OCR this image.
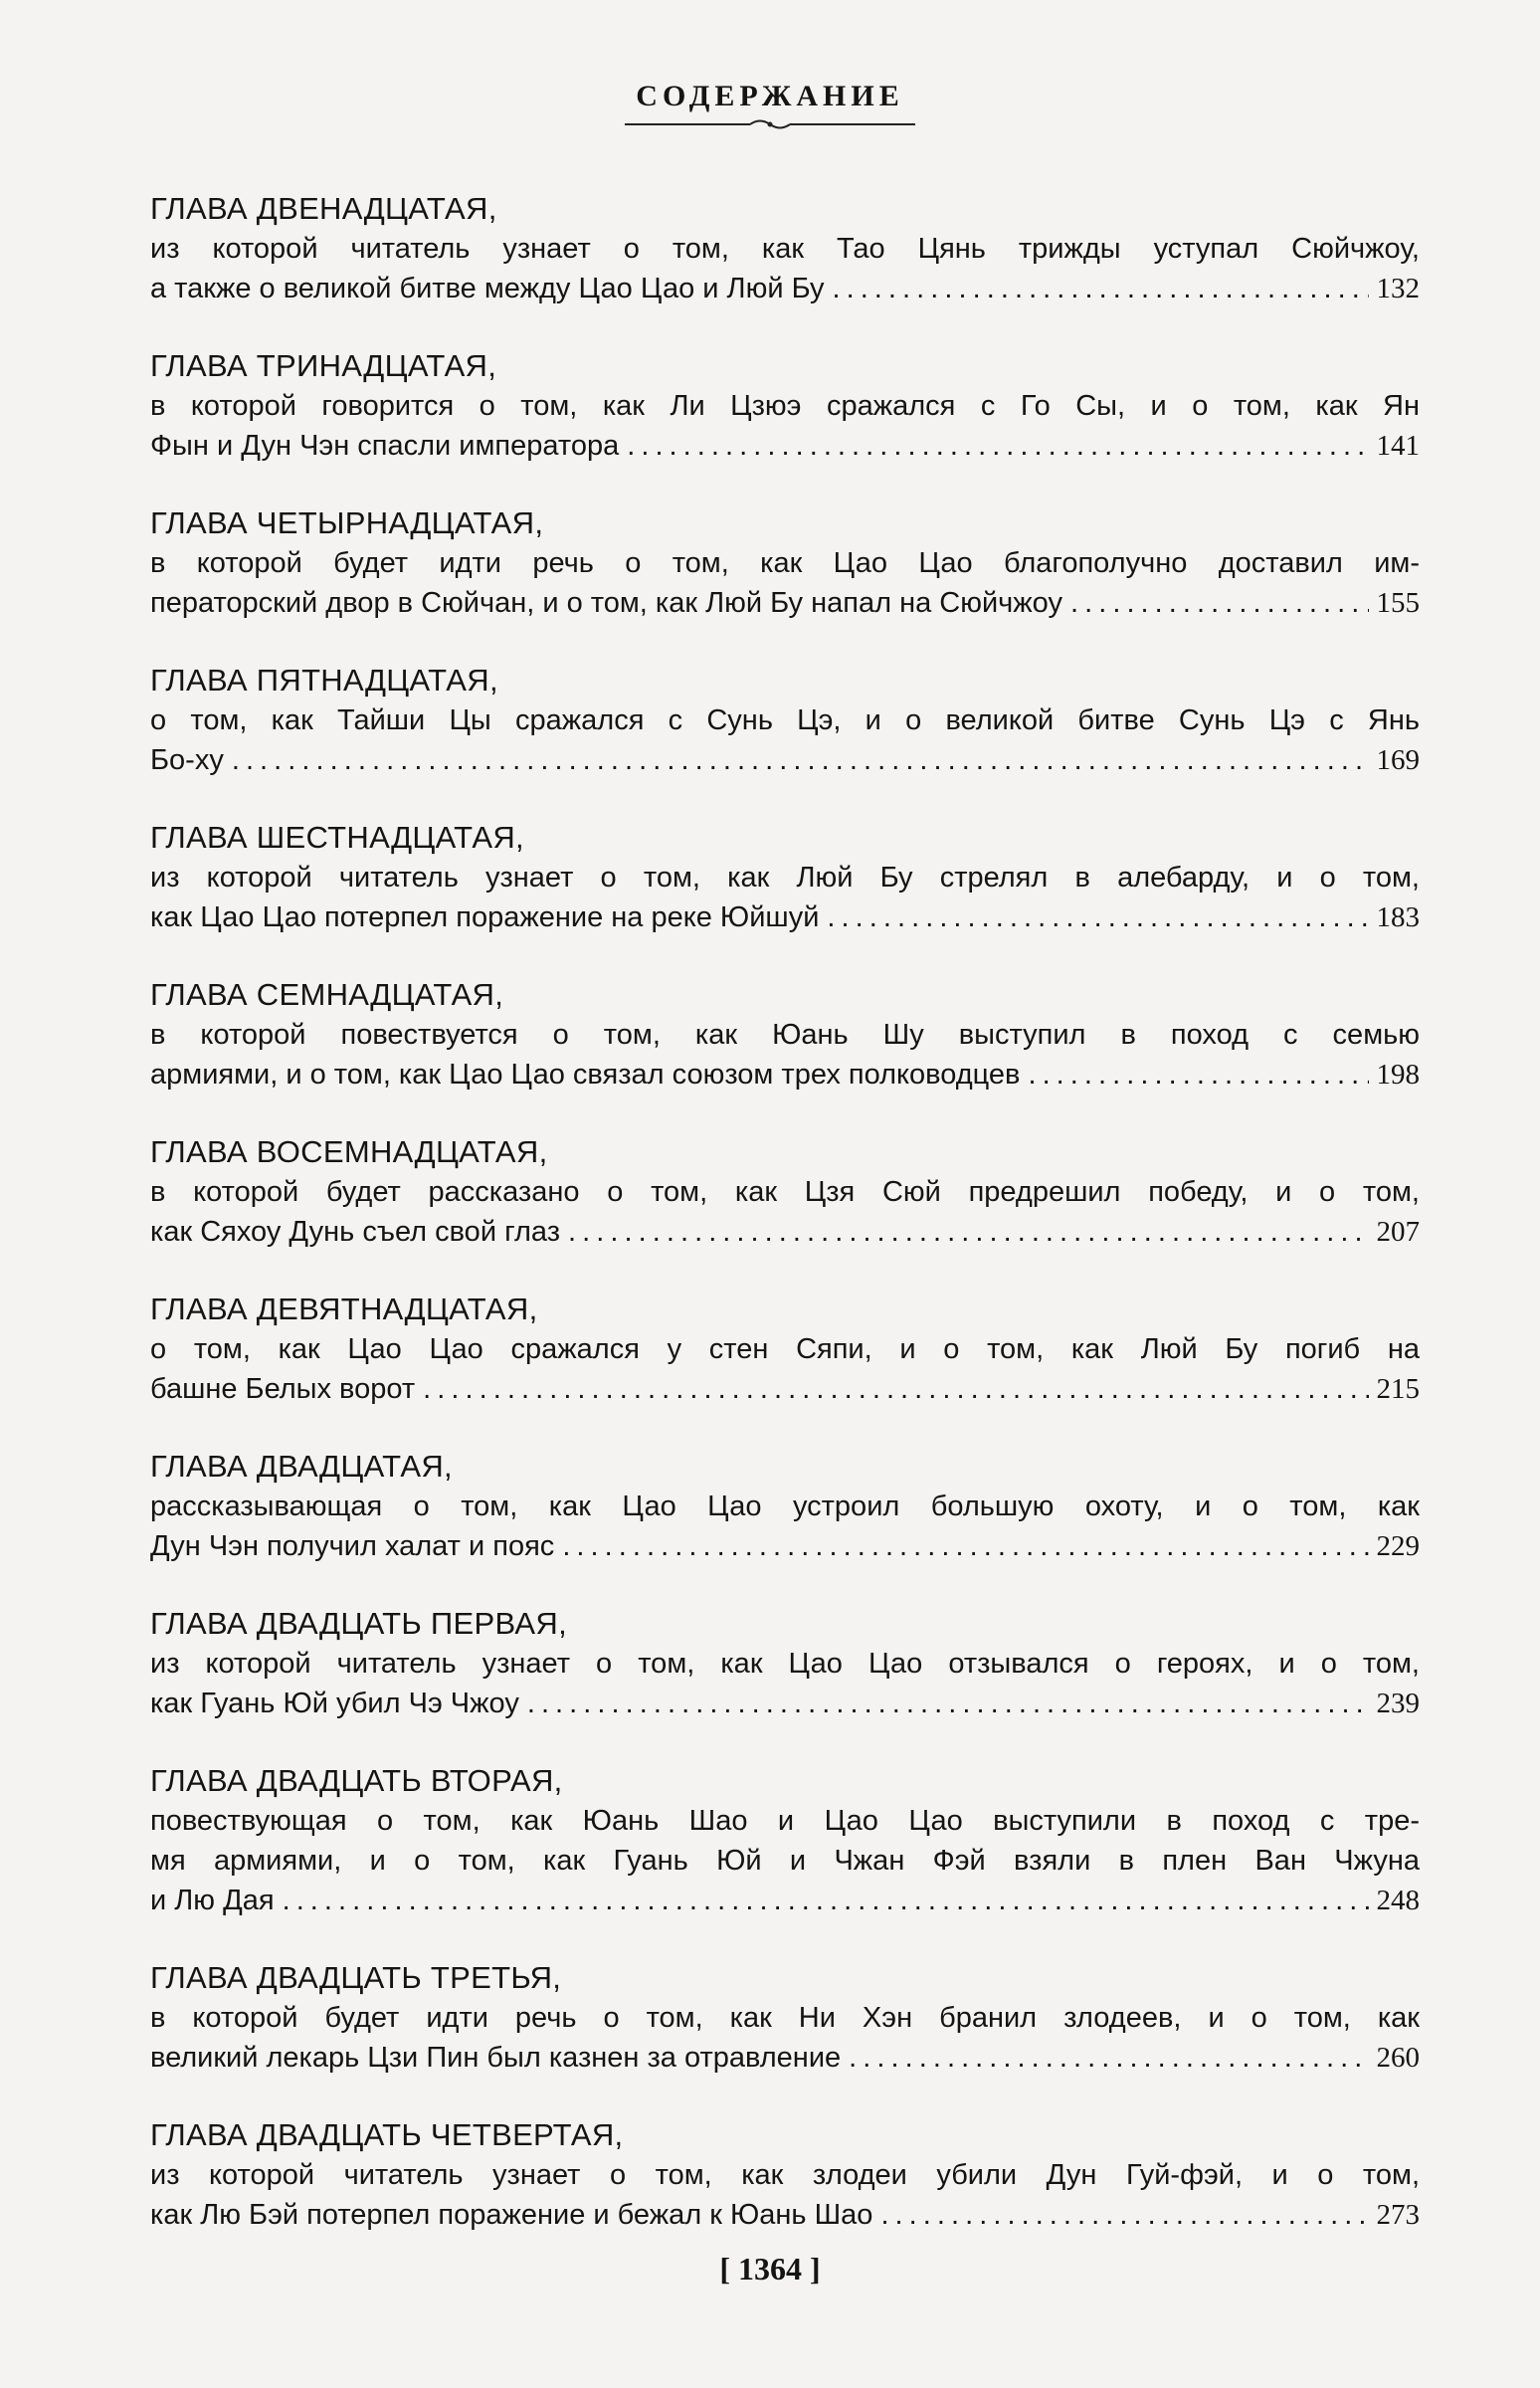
СОДЕРЖАНИЕ
ГЛАВА ДВЕНАДЦАТАЯ,
из которой читатель узнает о том, как Тао Цянь трижды уступал Сюйчжоу,
а также о великой битве между Цао Цао и Люй Бу . . .	132
ГЛАВА ТРИНАДЦАТАЯ,
в которой говорится о том, как Ли Цзюэ сражался с Го Сы, и о том, как Ян
Фын и Дун Чэн спасли императора . . .	141
ГЛАВА ЧЕТЫРНАДЦАТАЯ,
в которой будет идти речь о том, как Цао Цао благополучно доставил им-
ператорский двор в Сюйчан, и о том, как Люй Бу напал на Сюйчжоу . . .	155
ГЛАВА ПЯТНАДЦАТАЯ,
о том, как Тайши Цы сражался с Сунь Цэ, и о великой битве Сунь Цэ с Янь
Бо-ху . . .	169
ГЛАВА ШЕСТНАДЦАТАЯ,
из которой читатель узнает о том, как Люй Бу стрелял в алебарду, и о том,
как Цао Цао потерпел поражение на реке Юйшуй . . .	183
ГЛАВА СЕМНАДЦАТАЯ,
в которой повествуется о том, как Юань Шу выступил в поход с семью
армиями, и о том, как Цао Цао связал союзом трех полководцев . . .	198
ГЛАВА ВОСЕМНАДЦАТАЯ,
в которой будет рассказано о том, как Цзя Сюй предрешил победу, и о том,
как Сяхоу Дунь съел свой глаз . . .	207
ГЛАВА ДЕВЯТНАДЦАТАЯ,
о том, как Цао Цао сражался у стен Сяпи, и о том, как Люй Бу погиб на
башне Белых ворот . . .	215
ГЛАВА ДВАДЦАТАЯ,
рассказывающая о том, как Цао Цао устроил большую охоту, и о том, как
Дун Чэн получил халат и пояс . . .	229
ГЛАВА ДВАДЦАТЬ ПЕРВАЯ,
из которой читатель узнает о том, как Цао Цао отзывался о героях, и о том,
как Гуань Юй убил Чэ Чжоу . . .	239
ГЛАВА ДВАДЦАТЬ ВТОРАЯ,
повествующая о том, как Юань Шао и Цао Цао выступили в поход с тре-
мя армиями, и о том, как Гуань Юй и Чжан Фэй взяли в плен Ван Чжуна
и Лю Дая . . .	248
ГЛАВА ДВАДЦАТЬ ТРЕТЬЯ,
в которой будет идти речь о том, как Ни Хэн бранил злодеев, и о том, как
великий лекарь Цзи Пин был казнен за отравление . . .	260
ГЛАВА ДВАДЦАТЬ ЧЕТВЕРТАЯ,
из которой читатель узнает о том, как злодеи убили Дун Гуй-фэй, и о том,
как Лю Бэй потерпел поражение и бежал к Юань Шао . . .	273
[ 1364 ]
